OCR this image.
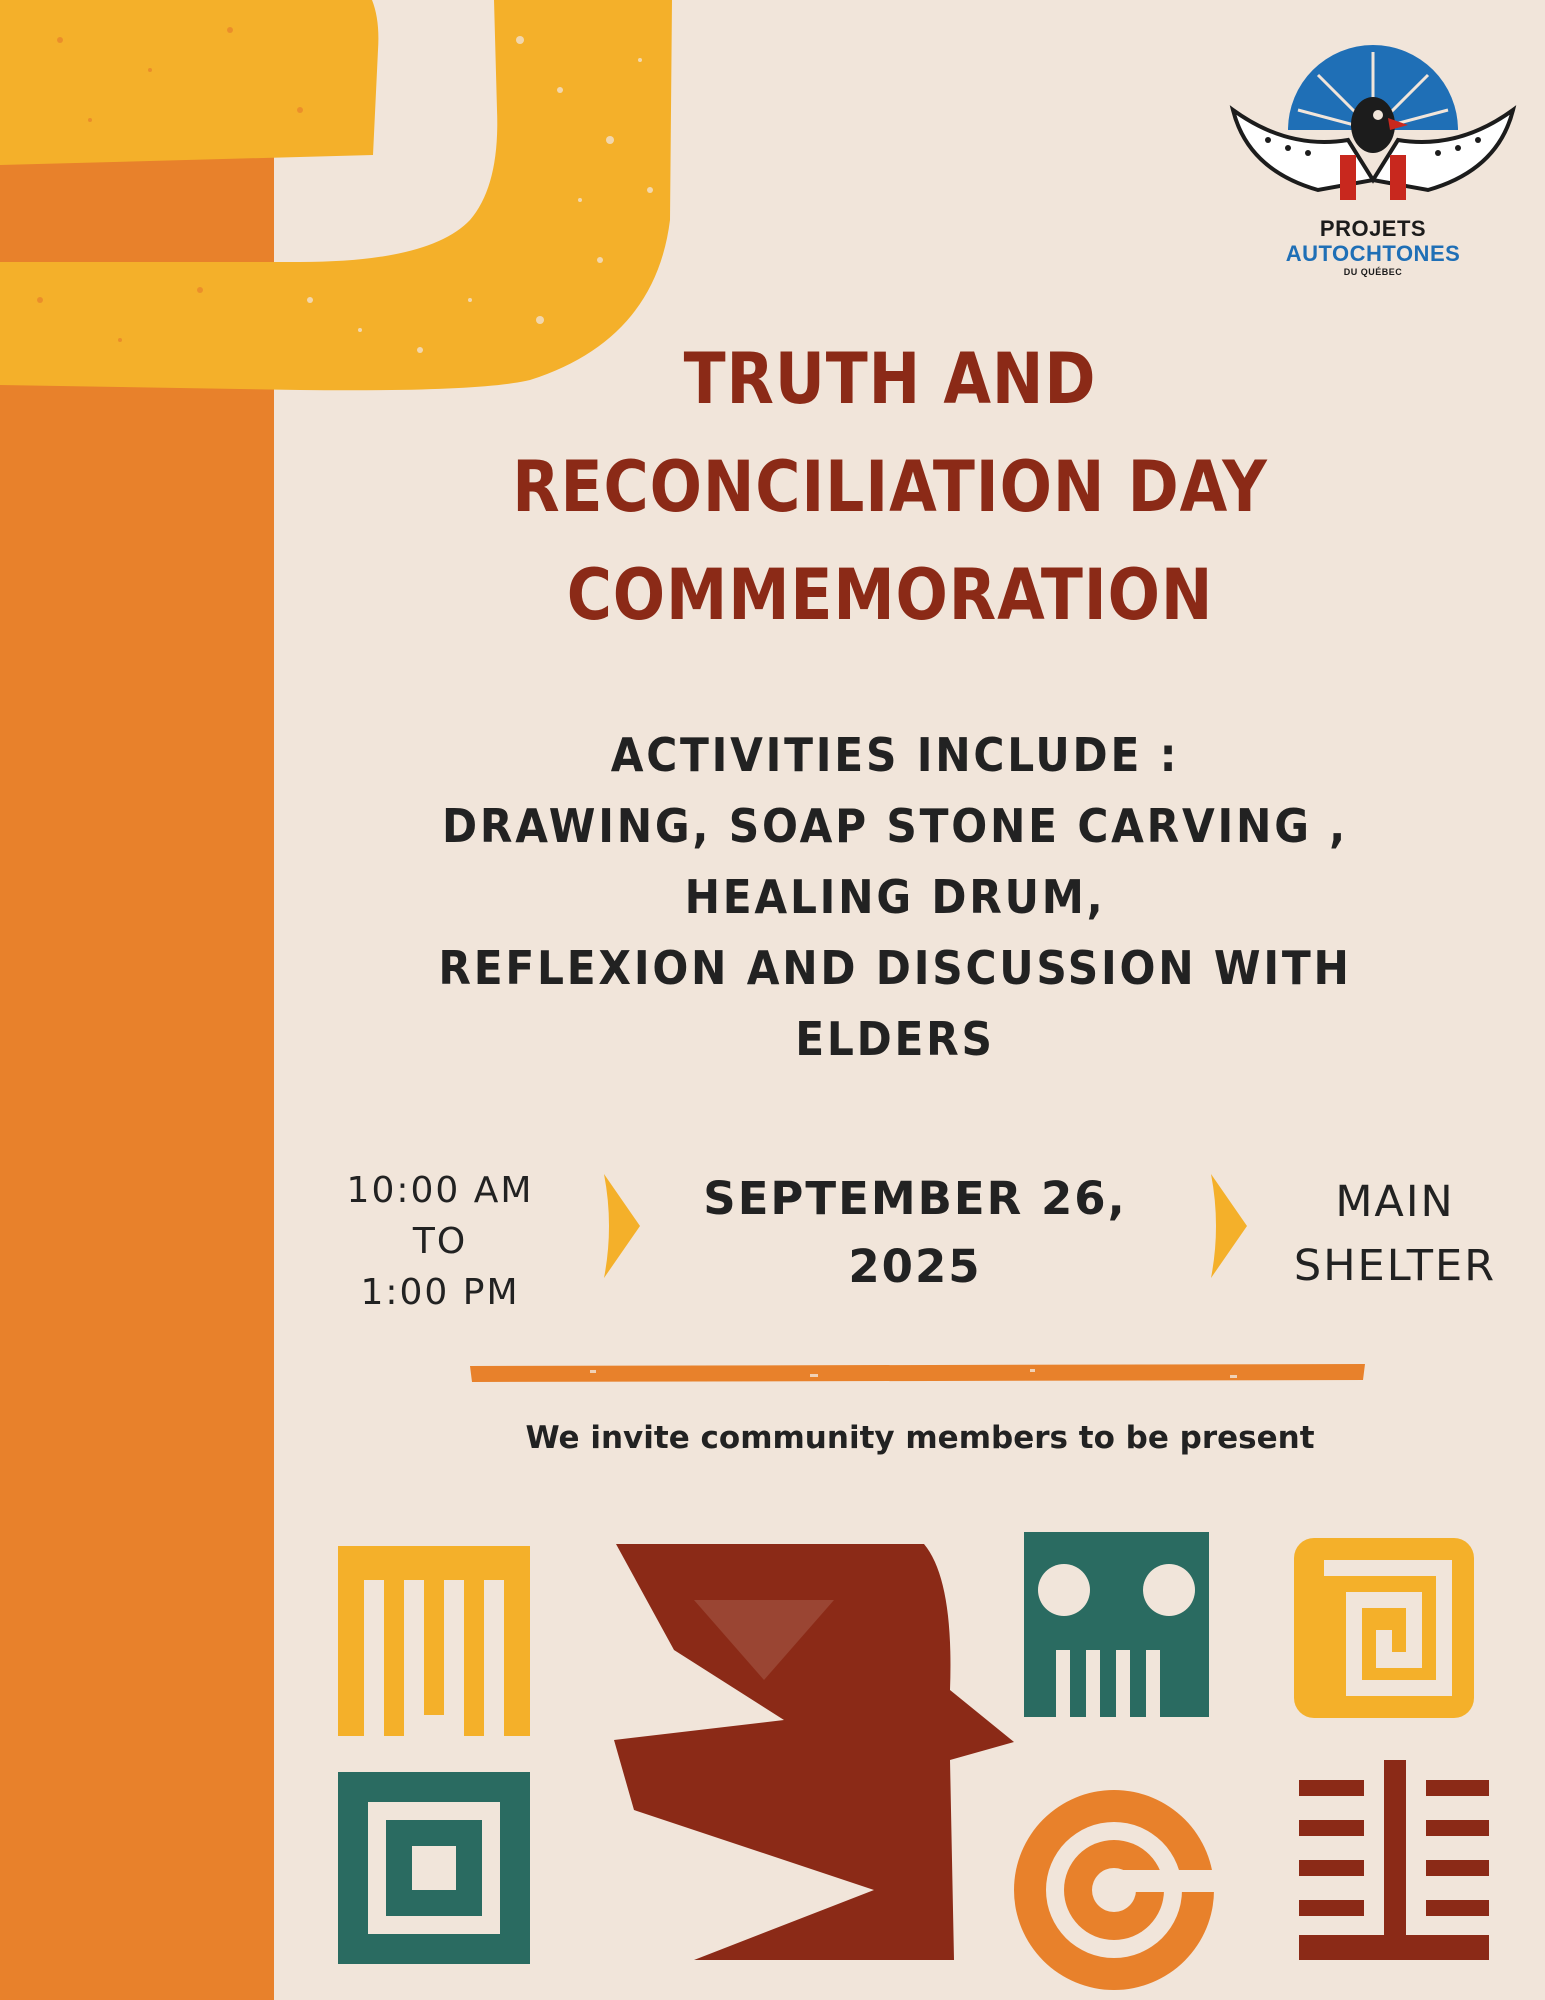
PROJETS
AUTOCHTONES
DU QUÉBEC
TRUTH AND
RECONCILIATION DAY
COMMEMORATION
ACTIVITIES INCLUDE :
DRAWING, SOAP STONE CARVING ,
HEALING DRUM,
REFLEXION AND DISCUSSION WITH
ELDERS
10:00 AM
TO
1:00 PM
SEPTEMBER 26,
2025
MAIN
SHELTER
We invite community members to be present
